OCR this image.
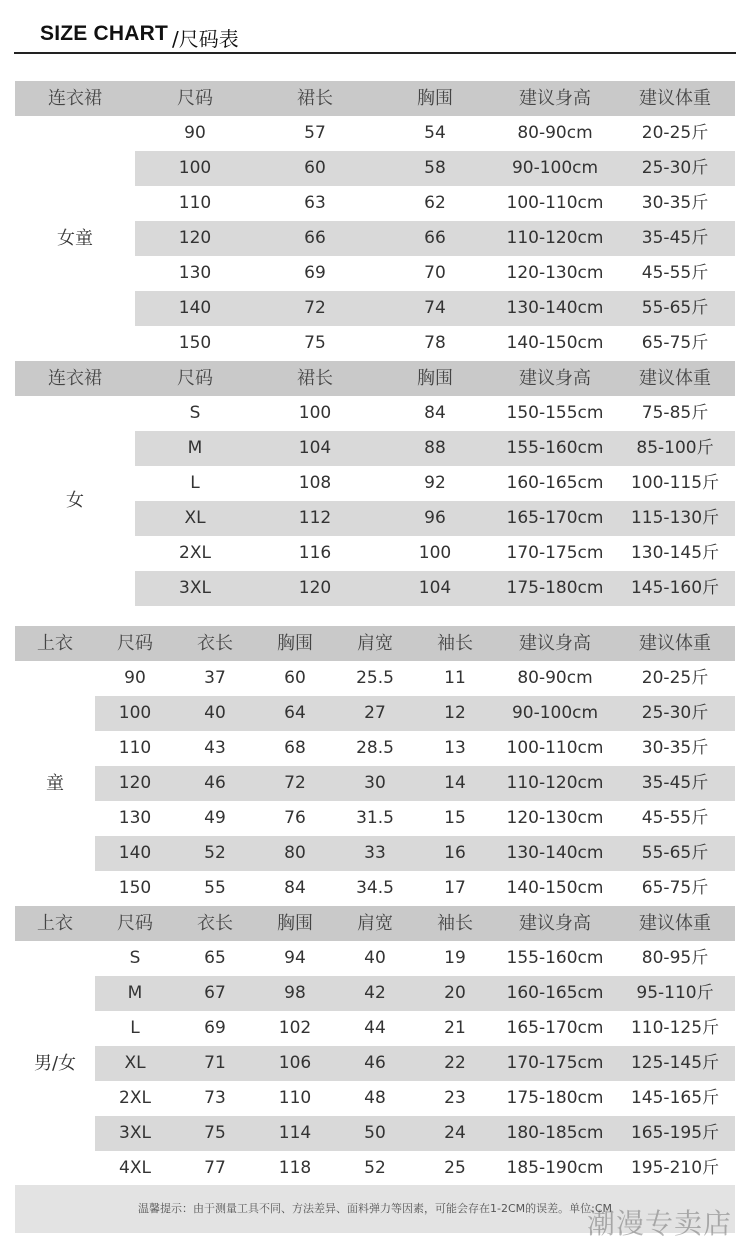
SIZE CHART /尺码表
连衣裙	尺码	裙长	胸围	建议身高	建议体重
90	57	54	80-90cm	20-25斤
100	60	58	90-100cm	25-30斤
110	63	62	100-110cm	30-35斤
120	66	66	110-120cm	35-45斤
130	69	70	120-130cm	45-55斤
140	72	74	130-140cm	55-65斤
150	75	78	140-150cm	65-75斤
女童
连衣裙	尺码	裙长	胸围	建议身高	建议体重
S	100	84	150-155cm	75-85斤
M	104	88	155-160cm	85-100斤
L	108	92	160-165cm	100-115斤
XL	112	96	165-170cm	115-130斤
2XL	116	100	170-175cm	130-145斤
3XL	120	104	175-180cm	145-160斤
女
上衣	尺码	衣长	胸围	肩宽	袖长	建议身高	建议体重
90	37	60	25.5	11	80-90cm	20-25斤
100	40	64	27	12	90-100cm	25-30斤
110	43	68	28.5	13	100-110cm	30-35斤
120	46	72	30	14	110-120cm	35-45斤
130	49	76	31.5	15	120-130cm	45-55斤
140	52	80	33	16	130-140cm	55-65斤
150	55	84	34.5	17	140-150cm	65-75斤
童
上衣	尺码	衣长	胸围	肩宽	袖长	建议身高	建议体重
S	65	94	40	19	155-160cm	80-95斤
M	67	98	42	20	160-165cm	95-110斤
L	69	102	44	21	165-170cm	110-125斤
XL	71	106	46	22	170-175cm	125-145斤
2XL	73	110	48	23	175-180cm	145-165斤
3XL	75	114	50	24	180-185cm	165-195斤
4XL	77	118	52	25	185-190cm	195-210斤
男/女
温馨提示：由于测量工具不同、方法差异、面料弹力等因素，可能会存在1-2CM的误差。单位:CM
潮漫专卖店
